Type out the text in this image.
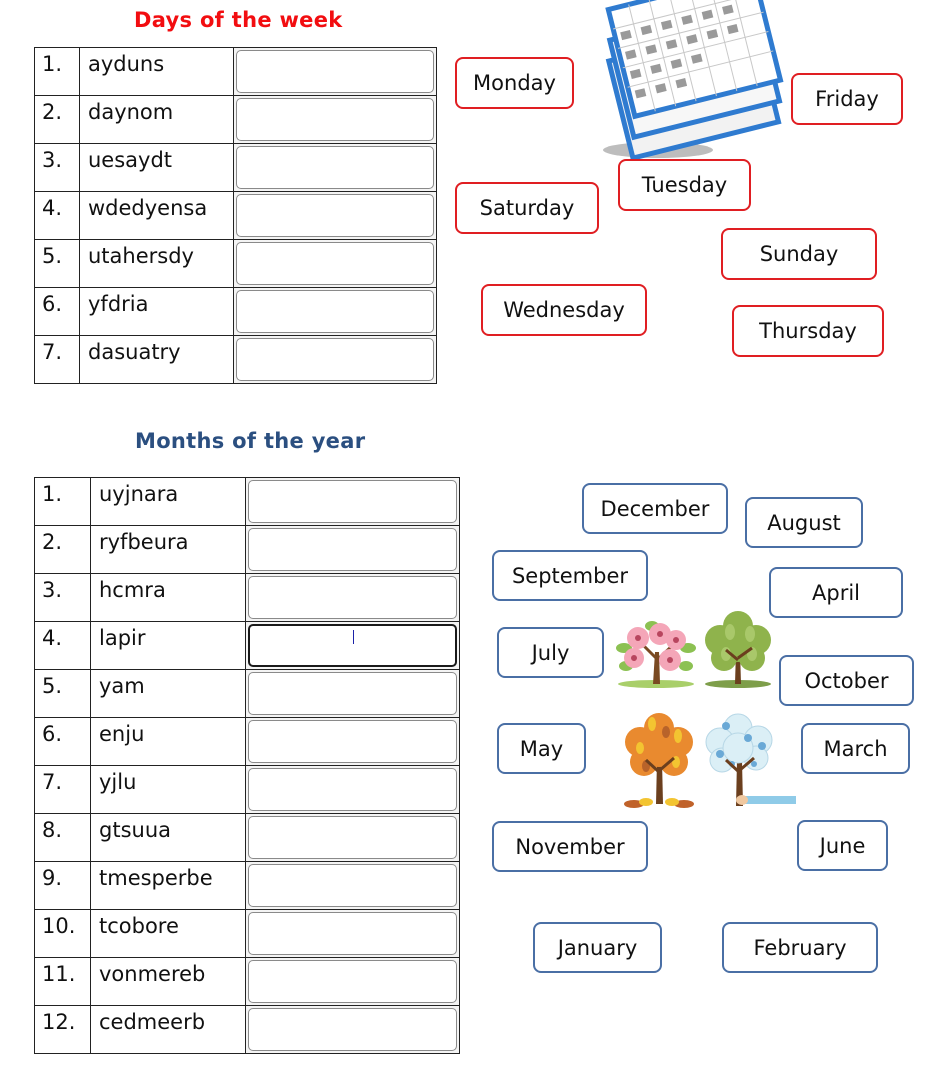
Days of the week
1.	ayduns	

2.	daynom	

3.	uesaydt	

4.	wdedyensa	

5.	utahersdy	

6.	yfdria	

7.	dasuatry	
Monday
Friday
Tuesday
Saturday
Sunday
Wednesday
Thursday
Months of the year
1.	uyjnara	

2.	ryfbeura	

3.	hcmra	

4.	lapir	

5.	yam	

6.	enju	

7.	yjlu	

8.	gtsuua	

9.	tmesperbe	

10.	tcobore	

11.	vonmereb	

12.	cedmeerb	
December
August
September
April
July
October
May	March
November	June
January	February
